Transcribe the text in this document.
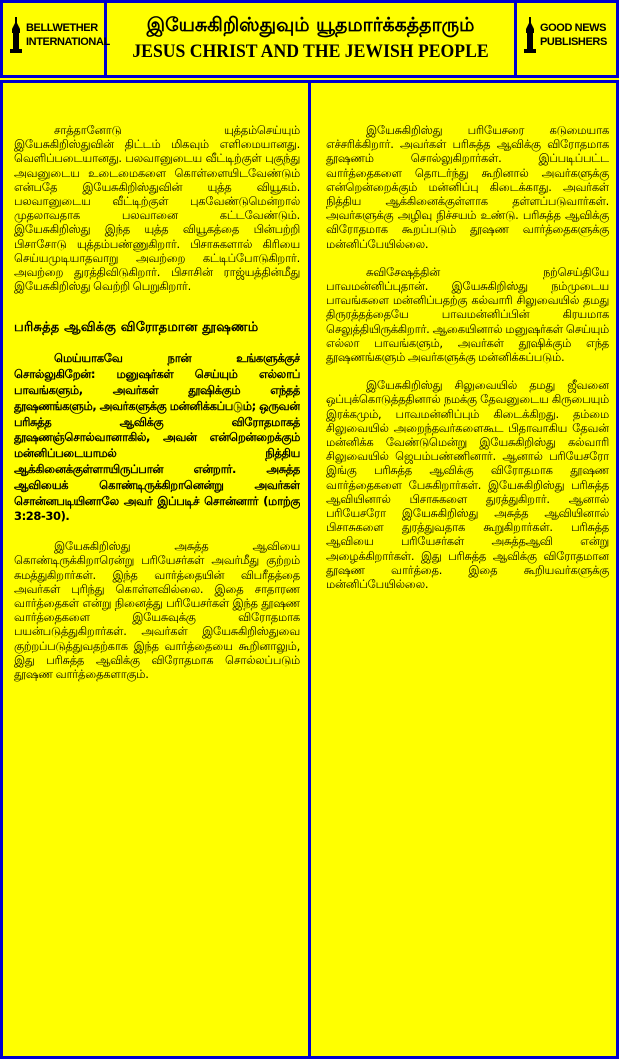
BELLWETHER
INTERNATIONAL
இயேசுகிறிஸ்துவும் யூதமார்க்கத்தாரும்
JESUS CHRIST AND THE JEWISH PEOPLE
GOOD NEWS
PUBLISHERS

சாத்தானோடு யுத்தம்செய்யும் இயேசுகிறிஸ்துவின் திட்டம் மிகவும் எளிமையானது. வெளிப்படையானது. பலவானுடைய வீட்டிற்குள் புகுந்து அவனுடைய உடைமைகளை கொள்ளையிடவேண்டும் என்பதே இயேசுகிறிஸ்துவின் யுத்த வியூகம். பலவானுடைய வீட்டிற்குள் புகவேண்டுமென்றால் முதலாவதாக பலவானை கட்டவேண்டும். இயேசுகிறிஸ்து இந்த யுத்த வியூகத்தை பின்பற்றி பிசாசோடு யுத்தம்பண்ணுகிறார். பிசாசுகளால் கிரியை செய்யமுடியாதவாறு அவற்றை கட்டிப்போடுகிறார். அவற்றை துரத்திவிடுகிறார். பிசாசின் ராஜ்யத்தின்மீது இயேசுகிறிஸ்து வெற்றி பெறுகிறார்.

பரிசுத்த ஆவிக்கு விரோதமான தூஷணம்

மெய்யாகவே நான் உங்களுக்குச் சொல்லுகிறேன்: மனுஷர்கள் செய்யும் எல்லாப் பாவங்களும், அவர்கள் தூஷிக்கும் எந்தத் தூஷணங்களும், அவர்களுக்கு மன்னிக்கப்படும்; ஒருவன் பரிசுத்த ஆவிக்கு விரோதமாகத் தூஷணஞ்சொல்வானாகில், அவன் என்றென்றைக்கும் மன்னிப்படையாமல் நித்திய ஆக்கினைக்குள்ளாயிருப்பான் என்றார். அசுத்த ஆவியைக் கொண்டிருக்கிறானென்று அவர்கள் சொன்னபடியினாலே அவர் இப்படிச் சொன்னார் (மாற்கு 3:28-30).

இயேசுகிறிஸ்து அசுத்த ஆவியை கொண்டிருக்கிறாரென்று பரியேசர்கள் அவர்மீது குற்றம் சுமத்துகிறார்கள். இந்த வார்த்தையின் விபரீதத்தை அவர்கள் புரிந்து கொள்ளவில்லை. இதை சாதாரண வார்த்தைகள் என்று நினைத்து பரியேசர்கள் இந்த தூஷண வார்த்தைகளை இயேசுவுக்கு விரோதமாக பயன்படுத்துகிறார்கள். அவர்கள் இயேசுகிறிஸ்துவை குற்றப்படுத்துவதற்காக இந்த வார்த்தையை கூறினாலும், இது பரிசுத்த ஆவிக்கு விரோதமாக சொல்லப்படும் தூஷண வார்த்தைகளாகும்.

இயேசுகிறிஸ்து பரியேசரை கடுமையாக எச்சரிக்கிறார். அவர்கள் பரிசுத்த ஆவிக்கு விரோதமாக தூஷணம் சொல்லுகிறார்கள். இப்படிப்பட்ட வார்த்தைகளை தொடர்ந்து கூறினால் அவர்களுக்கு என்றென்றைக்கும் மன்னிப்பு கிடைக்காது. அவர்கள் நித்திய ஆக்கினைக்குள்ளாக தள்ளப்படுவார்கள். அவர்களுக்கு அழிவு நிச்சயம் உண்டு. பரிசுத்த ஆவிக்கு விரோதமாக கூறப்படும் தூஷண வார்த்தைகளுக்கு மன்னிப்பேயில்லை.

சுவிசேஷத்தின் நற்செய்தியே பாவமன்னிப்புதான். இயேசுகிறிஸ்து நம்முடைய பாவங்களை மன்னிப்பதற்கு கல்வாரி சிலுவையில் தமது திருரத்தத்தையே பாவமன்னிப்பின் கிரயமாக செலுத்தியிருக்கிறார். ஆகையினால் மனுஷர்கள் செய்யும் எல்லா பாவங்களும், அவர்கள் தூஷிக்கும் எந்த தூஷணங்களும் அவர்களுக்கு மன்னிக்கப்படும்.

இயேசுகிறிஸ்து சிலுவையில் தமது ஜீவனை ஒப்புக்கொடுத்ததினால் நமக்கு தேவனுடைய கிருபையும் இரக்கமும், பாவமன்னிப்பும் கிடைக்கிறது. தம்மை சிலுவையில் அறைந்தவர்களைகூட பிதாவாகிய தேவன் மன்னிக்க வேண்டுமென்று இயேசுகிறிஸ்து கல்வாரி சிலுவையில் ஜெபம்பண்ணினார். ஆனால் பரியேசரோ இங்கு பரிசுத்த ஆவிக்கு விரோதமாக தூஷண வார்த்தைகளை பேசுகிறார்கள். இயேசுகிறிஸ்து பரிசுத்த ஆவியினால் பிசாசுகளை துரத்துகிறார். ஆனால் பரியேசரோ இயேசுகிறிஸ்து அசுத்த ஆவியினால் பிசாசுகளை துரத்துவதாக கூறுகிறார்கள். பரிசுத்த ஆவியை பரியேசர்கள் அசுத்தஆவி என்று அழைக்கிறார்கள். இது பரிசுத்த ஆவிக்கு விரோதமான தூஷண வார்த்தை. இதை கூறியவர்களுக்கு மன்னிப்பேயில்லை.
